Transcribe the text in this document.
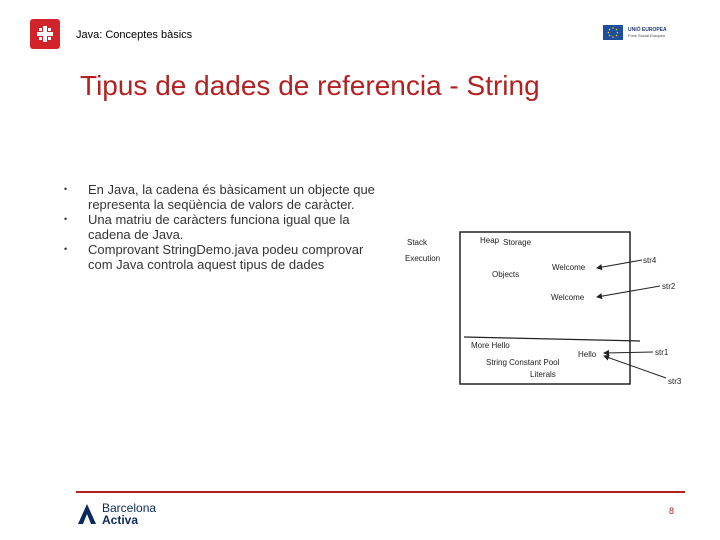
Java: Conceptes bàsics	UNIÓ EUROPEA
Fons Social Europeu
Tipus de dades de referencia - String
• En Java, la cadena és bàsicament un objecte que representa la seqüència de valors de caràcter.
• Una matriu de caràcters funciona igual que la cadena de Java.
• Comprovant StringDemo.java podeu comprovar com Java controla aquest tipus de dades
Stack
Execution
Heap Storage
Objects
Welcome
Welcome
More Hello
Hello
String Constant Pool
Literals
str4
str2
str1
str3
Barcelona
Activa
8
